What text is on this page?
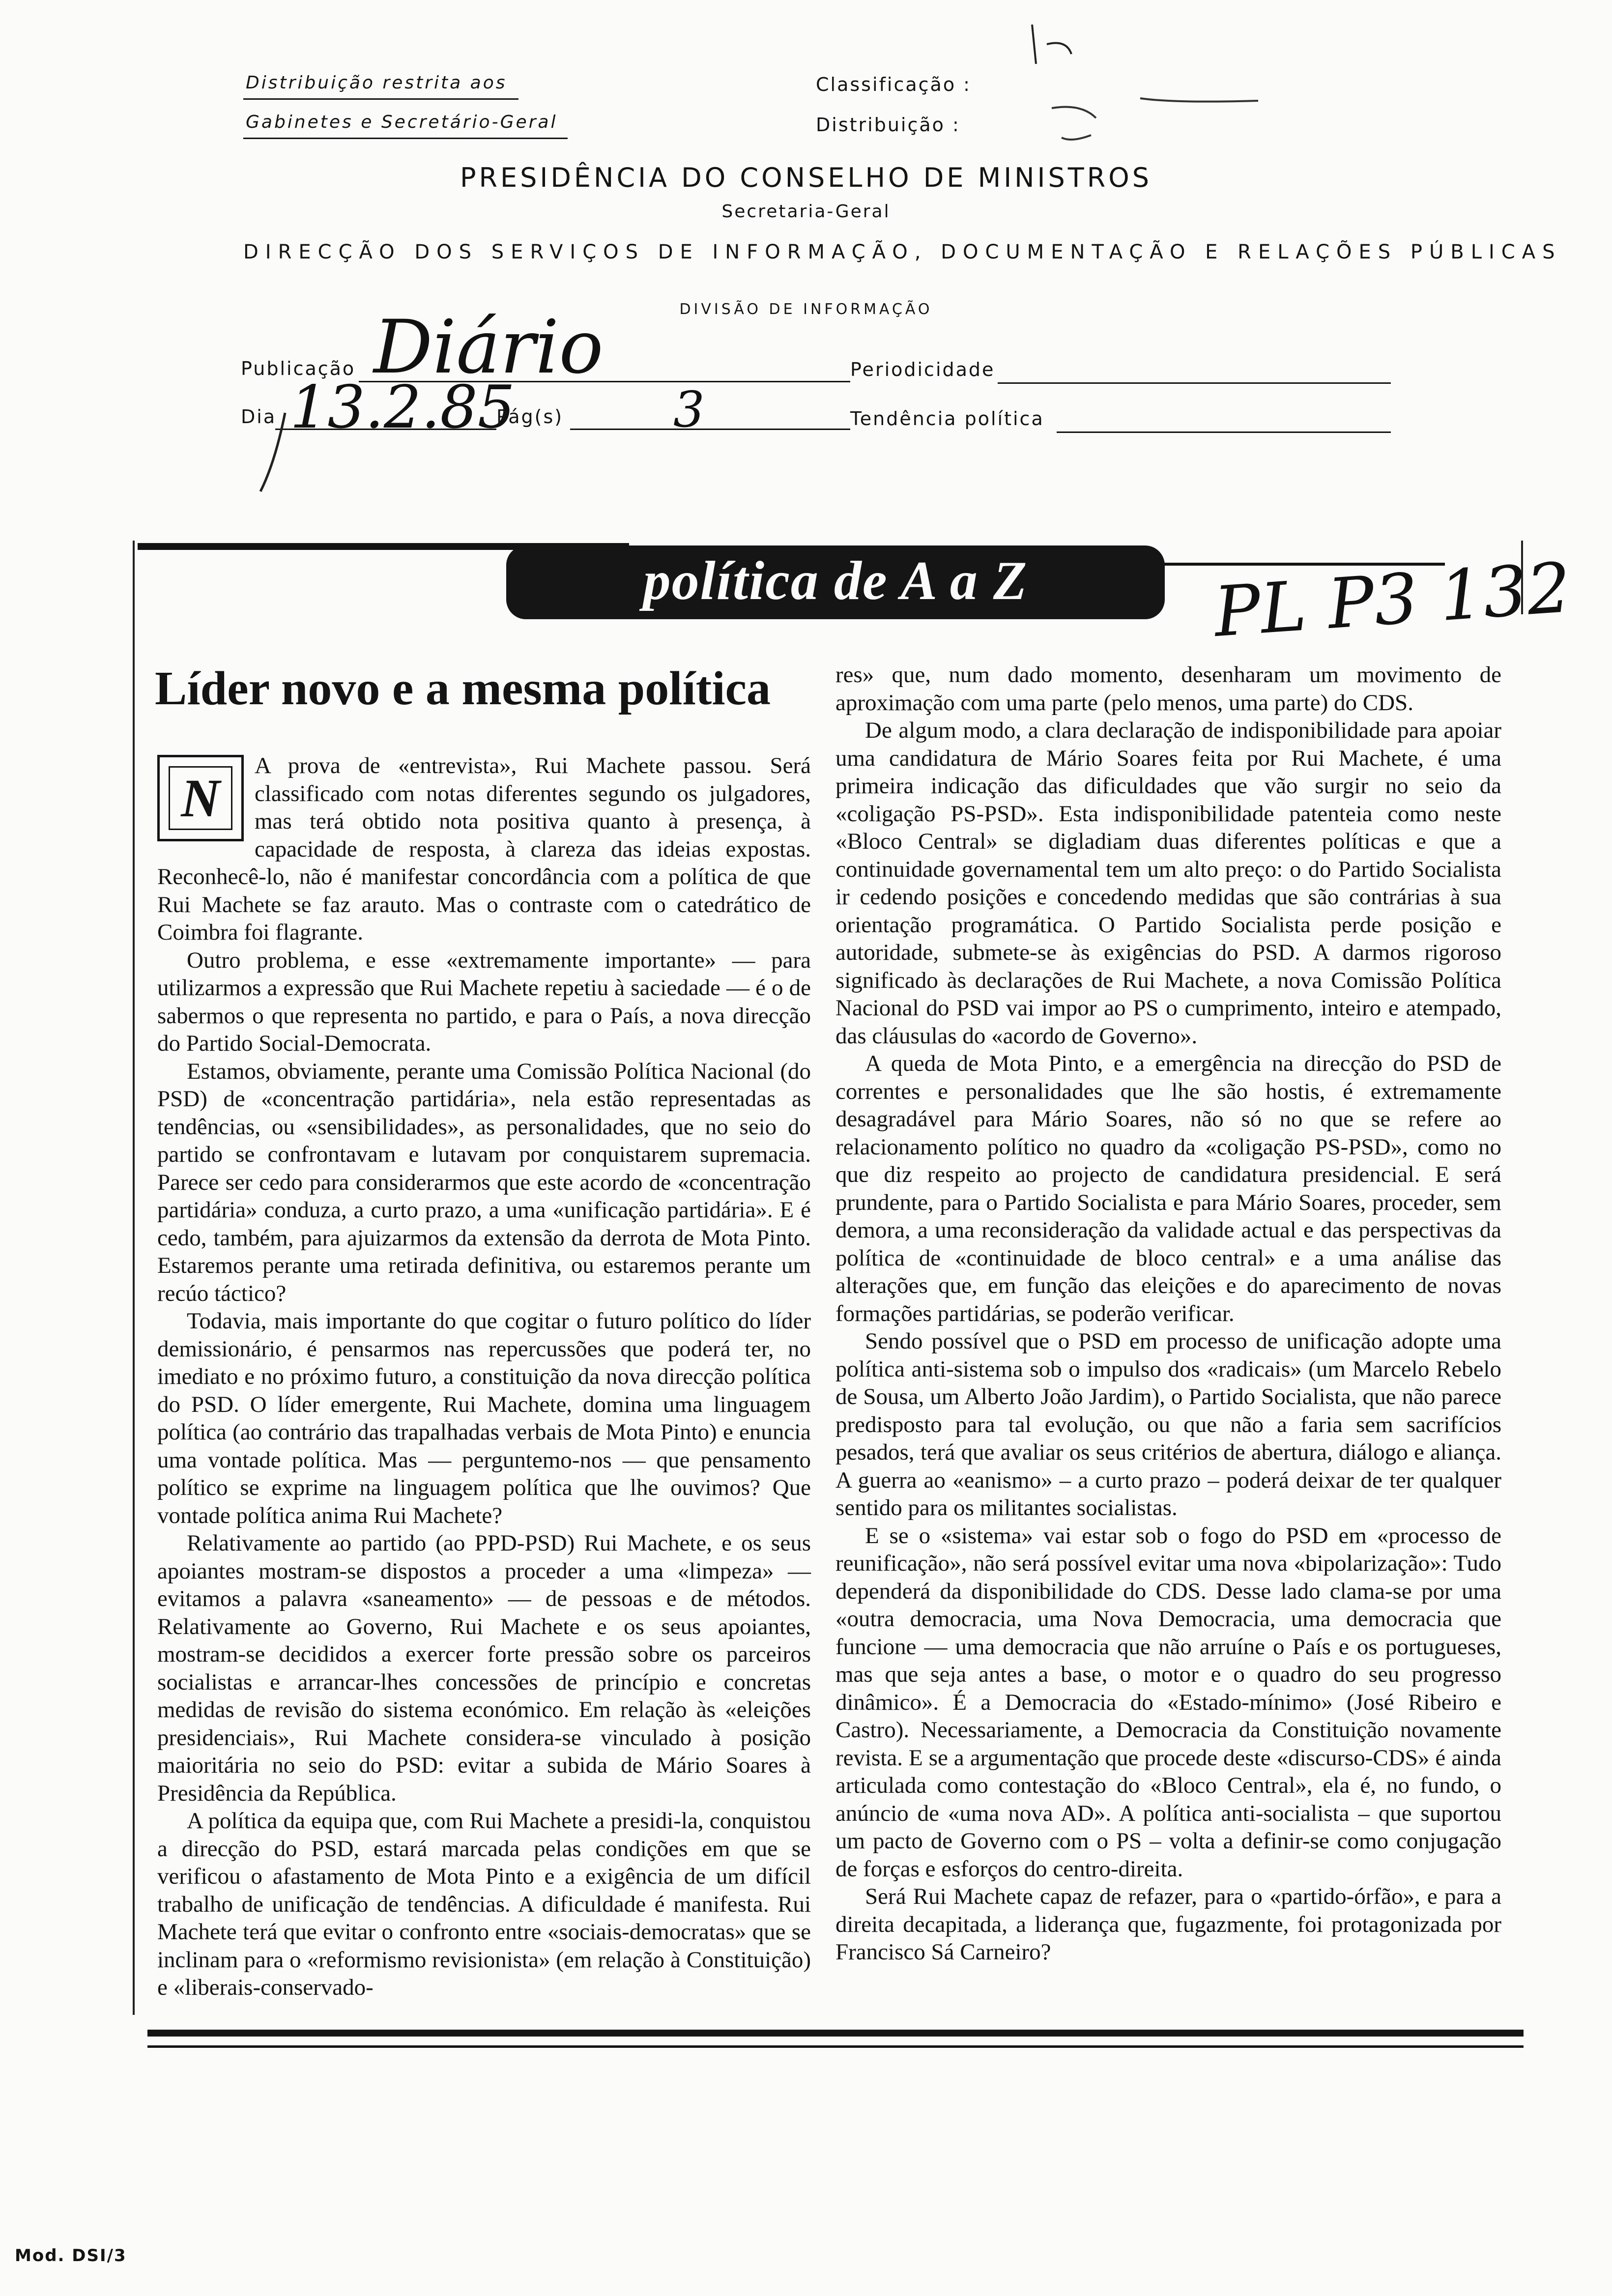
Distribuição restrita aos
Gabinetes e Secretário-Geral
Classificação :
Distribuição :
PRESIDÊNCIA DO CONSELHO DE MINISTROS
Secretaria-Geral
DIRECÇÃO DOS SERVIÇOS DE INFORMAÇÃO, DOCUMENTAÇÃO E RELAÇÕES PÚBLICAS
DIVISÃO DE INFORMAÇÃO
Publicação Diário	Periodicidade
Dia 13.2.85
Pág(s) 3	Tendência política
política de A a Z	PL P3 132
Líder novo e a mesma política
N

A prova de «entrevista», Rui Machete passou. Será classificado com notas diferentes segundo os julgadores, mas terá obtido nota positiva quanto à presença, à capacidade de resposta, à clareza das ideias expostas. Reconhecê-lo, não é manifestar concordância com a política de que Rui Machete se faz arauto. Mas o contraste com o catedrático de Coimbra foi flagrante.

Outro problema, e esse «extremamente importante» — para utilizarmos a expressão que Rui Machete repetiu à saciedade — é o de sabermos o que representa no partido, e para o País, a nova direcção do Partido Social-Democrata.

Estamos, obviamente, perante uma Comissão Política Nacional (do PSD) de «concentração partidária», nela estão representadas as tendências, ou «sensibilidades», as personalidades, que no seio do partido se confrontavam e lutavam por conquistarem supremacia. Parece ser cedo para considerarmos que este acordo de «concentração partidária» conduza, a curto prazo, a uma «unificação partidária». E é cedo, também, para ajuizarmos da extensão da derrota de Mota Pinto. Estaremos perante uma retirada definitiva, ou estaremos perante um recúo táctico?

Todavia, mais importante do que cogitar o futuro político do líder demissionário, é pensarmos nas repercussões que poderá ter, no imediato e no próximo futuro, a constituição da nova direcção política do PSD. O líder emergente, Rui Machete, domina uma linguagem política (ao contrário das trapalhadas verbais de Mota Pinto) e enuncia uma vontade política. Mas — perguntemo-nos — que pensamento político se exprime na linguagem política que lhe ouvimos? Que vontade política anima Rui Machete?

Relativamente ao partido (ao PPD-PSD) Rui Machete, e os seus apoiantes mostram-se dispostos a proceder a uma «limpeza» — evitamos a palavra «saneamento» — de pessoas e de métodos. Relativamente ao Governo, Rui Machete e os seus apoiantes, mostram-se decididos a exercer forte pressão sobre os parceiros socialistas e arrancar-lhes concessões de princípio e concretas medidas de revisão do sistema económico. Em relação às «eleições presidenciais», Rui Machete considera-se vinculado à posição maioritária no seio do PSD: evitar a subida de Mário Soares à Presidência da República.

A política da equipa que, com Rui Machete a presidi-la, conquistou a direcção do PSD, estará marcada pelas condições em que se verificou o afastamento de Mota Pinto e a exigência de um difícil trabalho de unificação de tendências. A dificuldade é manifesta. Rui Machete terá que evitar o confronto entre «sociais-democratas» que se inclinam para o «reformismo revisionista» (em relação à Constituição) e «liberais-conservado-

res» que, num dado momento, desenharam um movimento de aproximação com uma parte (pelo menos, uma parte) do CDS.

De algum modo, a clara declaração de indisponibilidade para apoiar uma candidatura de Mário Soares feita por Rui Machete, é uma primeira indicação das dificuldades que vão surgir no seio da «coligação PS-PSD». Esta indisponibilidade patenteia como neste «Bloco Central» se digladiam duas diferentes políticas e que a continuidade governamental tem um alto preço: o do Partido Socialista ir cedendo posições e concedendo medidas que são contrárias à sua orientação programática. O Partido Socialista perde posição e autoridade, submete-se às exigências do PSD. A darmos rigoroso significado às declarações de Rui Machete, a nova Comissão Política Nacional do PSD vai impor ao PS o cumprimento, inteiro e atempado, das cláusulas do «acordo de Governo».

A queda de Mota Pinto, e a emergência na direcção do PSD de correntes e personalidades que lhe são hostis, é extremamente desagradável para Mário Soares, não só no que se refere ao relacionamento político no quadro da «coligação PS-PSD», como no que diz respeito ao projecto de candidatura presidencial. E será prundente, para o Partido Socialista e para Mário Soares, proceder, sem demora, a uma reconsideração da validade actual e das perspectivas da política de «continuidade de bloco central» e a uma análise das alterações que, em função das eleições e do aparecimento de novas formações partidárias, se poderão verificar.

Sendo possível que o PSD em processo de unificação adopte uma política anti-sistema sob o impulso dos «radicais» (um Marcelo Rebelo de Sousa, um Alberto João Jardim), o Partido Socialista, que não parece predisposto para tal evolução, ou que não a faria sem sacrifícios pesados, terá que avaliar os seus critérios de abertura, diálogo e aliança. A guerra ao «eanismo» – a curto prazo – poderá deixar de ter qualquer sentido para os militantes socialistas.

E se o «sistema» vai estar sob o fogo do PSD em «processo de reunificação», não será possível evitar uma nova «bipolarização»: Tudo dependerá da disponibilidade do CDS. Desse lado clama-se por uma «outra democracia, uma Nova Democracia, uma democracia que funcione — uma democracia que não arruíne o País e os portugueses, mas que seja antes a base, o motor e o quadro do seu progresso dinâmico». É a Democracia do «Estado-mínimo» (José Ribeiro e Castro). Necessariamente, a Democracia da Constituição novamente revista. E se a argumentação que procede deste «discurso-CDS» é ainda articulada como contestação do «Bloco Central», ela é, no fundo, o anúncio de «uma nova AD». A política anti-socialista – que suportou um pacto de Governo com o PS – volta a definir-se como conjugação de forças e esforços do centro-direita.

Será Rui Machete capaz de refazer, para o «partido-órfão», e para a direita decapitada, a liderança que, fugazmente, foi protagonizada por Francisco Sá Carneiro?

Mod. DSI/3
